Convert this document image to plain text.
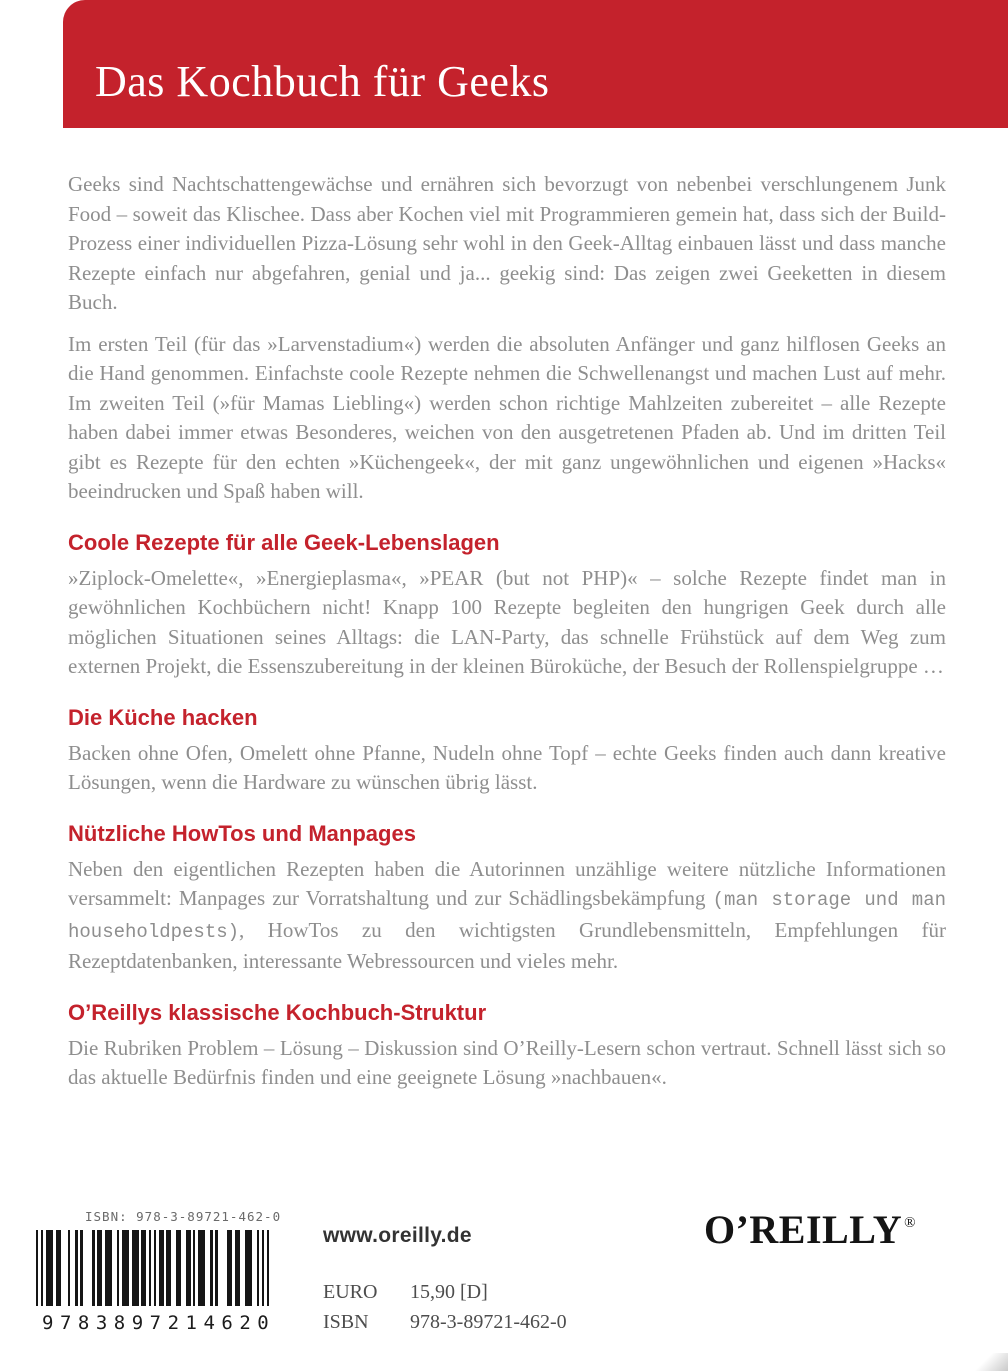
Das Kochbuch für Geeks

Geeks sind Nachtschattengewächse und ernähren sich bevorzugt von nebenbei verschlungenem Junk Food – soweit das Klischee. Dass aber Kochen viel mit Programmieren gemein hat, dass sich der Build-Prozess einer individuellen Pizza-Lösung sehr wohl in den Geek-Alltag einbauen lässt und dass manche Rezepte einfach nur abgefahren, genial und ja... geekig sind: Das zeigen zwei Geeketten in diesem Buch.

Im ersten Teil (für das »Larvenstadium«) werden die absoluten Anfänger und ganz hilflosen Geeks an die Hand genommen. Einfachste coole Rezepte nehmen die Schwellenangst und machen Lust auf mehr. Im zweiten Teil (»für Mamas Liebling«) werden schon richtige Mahlzeiten zubereitet – alle Rezepte haben dabei immer etwas Besonderes, weichen von den ausgetretenen Pfaden ab. Und im dritten Teil gibt es Rezepte für den echten »Küchengeek«, der mit ganz ungewöhnlichen und eigenen »Hacks« beeindrucken und Spaß haben will.

Coole Rezepte für alle Geek-Lebenslagen

»Ziplock-Omelette«, »Energieplasma«, »PEAR (but not PHP)« – solche Rezepte findet man in gewöhnlichen Kochbüchern nicht! Knapp 100 Rezepte begleiten den hungrigen Geek durch alle möglichen Situationen seines Alltags: die LAN-Party, das schnelle Frühstück auf dem Weg zum externen Projekt, die Essenszubereitung in der kleinen Büroküche, der Besuch der Rollenspielgruppe …

Die Küche hacken

Backen ohne Ofen, Omelett ohne Pfanne, Nudeln ohne Topf – echte Geeks finden auch dann kreative Lösungen, wenn die Hardware zu wünschen übrig lässt.

Nützliche HowTos und Manpages

Neben den eigentlichen Rezepten haben die Autorinnen unzählige weitere nützliche Informationen versammelt: Manpages zur Vorratshaltung und zur Schädlingsbekämpfung (man storage und man householdpests), HowTos zu den wichtigsten Grundlebensmitteln, Empfehlungen für Rezeptdatenbanken, interessante Webressourcen und vieles mehr.

O’Reillys klassische Kochbuch-Struktur

Die Rubriken Problem – Lösung – Diskussion sind O’Reilly-Lesern schon vertraut. Schnell lässt sich so das aktuelle Bedürfnis finden und eine geeignete Lösung »nachbauen«.

ISBN: 978-3-89721-462-0
9783897214620
www.oreilly.de
EURO 15,90 [D]
ISBN 978-3-89721-462-0
O’REILLY ®
